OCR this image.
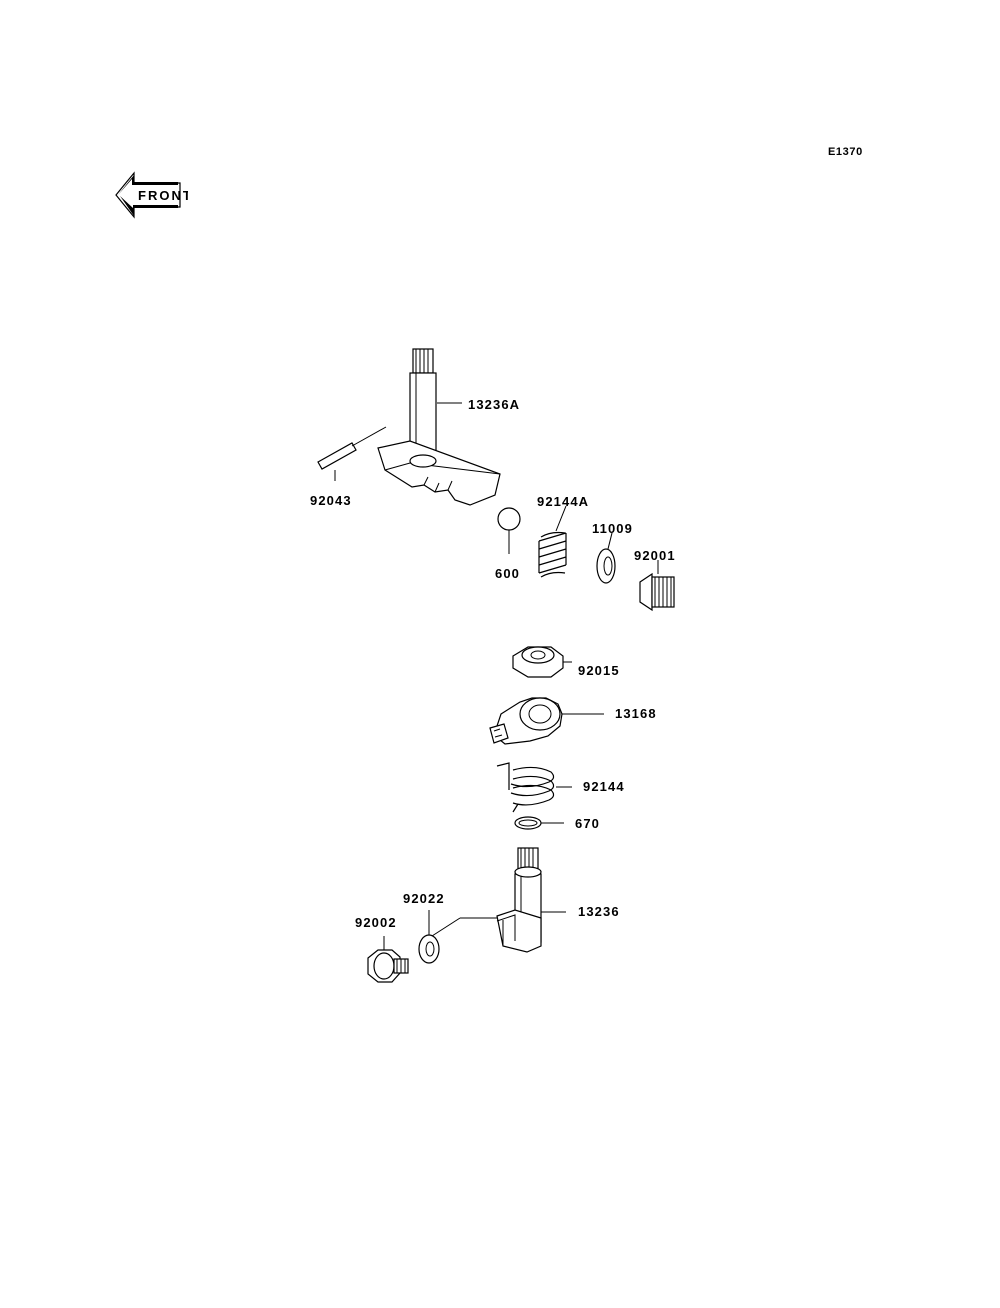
E1370
FRONT
13236A
92043	92144A
11009
92001
600
92015
13168
92144
670
92022
13236
92002
